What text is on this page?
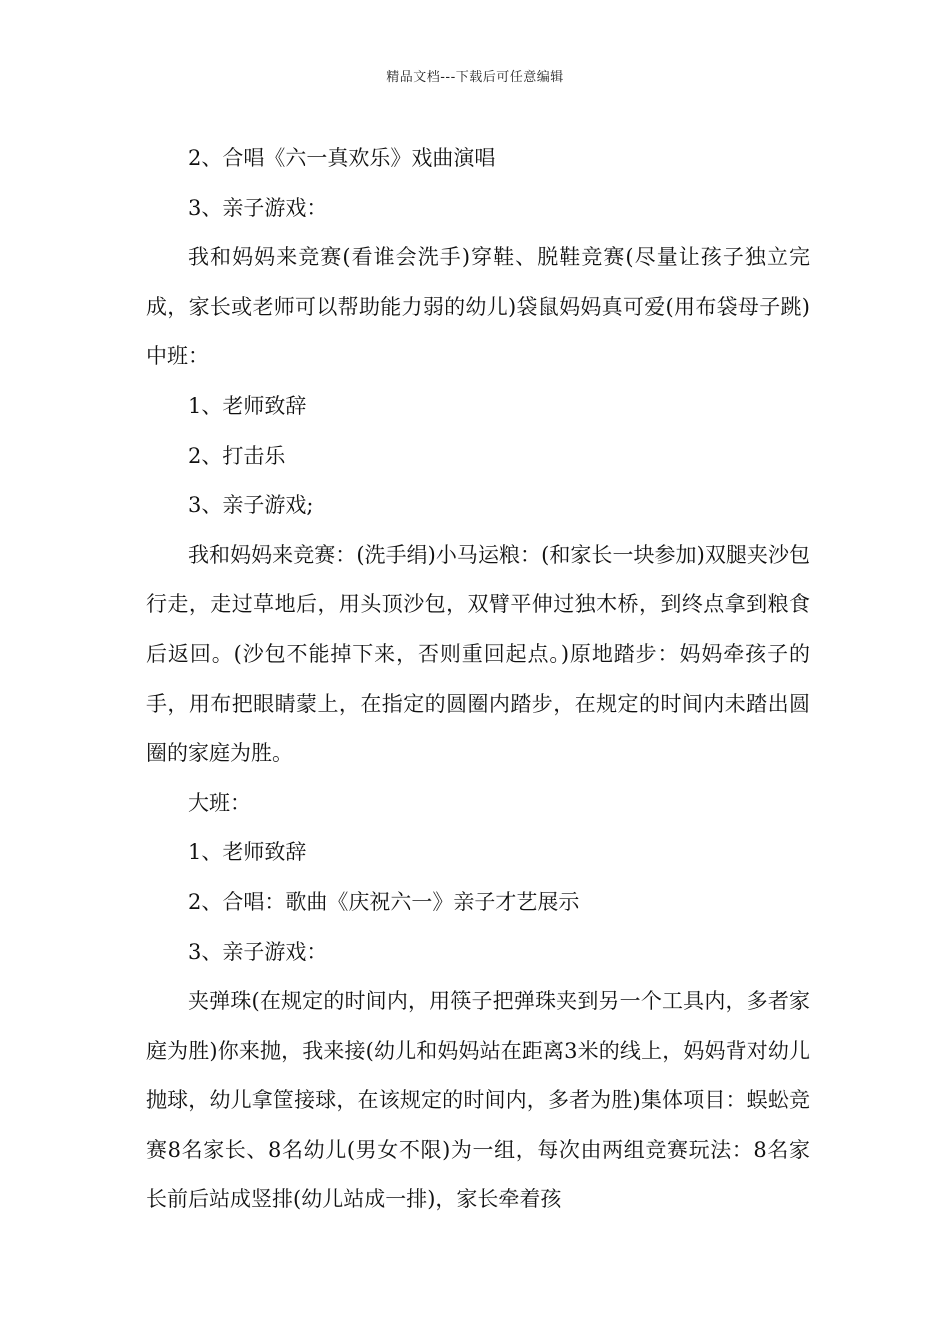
精品文档---下载后可任意编辑

2、合唱《六一真欢乐》戏曲演唱

3、亲子游戏：

我和妈妈来竞赛(看谁会洗手)穿鞋、脱鞋竞赛(尽量让孩子独立完成，家长或老师可以帮助能力弱的幼儿)袋鼠妈妈真可爱(用布袋母子跳)中班：

1、老师致辞

2、打击乐

3、亲子游戏;

我和妈妈来竞赛：(洗手绢)小马运粮：(和家长一块参加)双腿夹沙包行走，走过草地后，用头顶沙包，双臂平伸过独木桥，到终点拿到粮食后返回。(沙包不能掉下来，否则重回起点。)原地踏步：妈妈牵孩子的手，用布把眼睛蒙上，在指定的圆圈内踏步，在规定的时间内未踏出圆圈的家庭为胜。

大班：

1、老师致辞

2、合唱：歌曲《庆祝六一》亲子才艺展示

3、亲子游戏：

夹弹珠(在规定的时间内，用筷子把弹珠夹到另一个工具内，多者家庭为胜)你来抛，我来接(幼儿和妈妈站在距离3米的线上，妈妈背对幼儿抛球，幼儿拿筐接球，在该规定的时间内，多者为胜)集体项目：蜈蚣竞赛8名家长、8名幼儿(男女不限)为一组，每次由两组竞赛玩法：8名家长前后站成竖排(幼儿站成一排)，家长牵着孩
